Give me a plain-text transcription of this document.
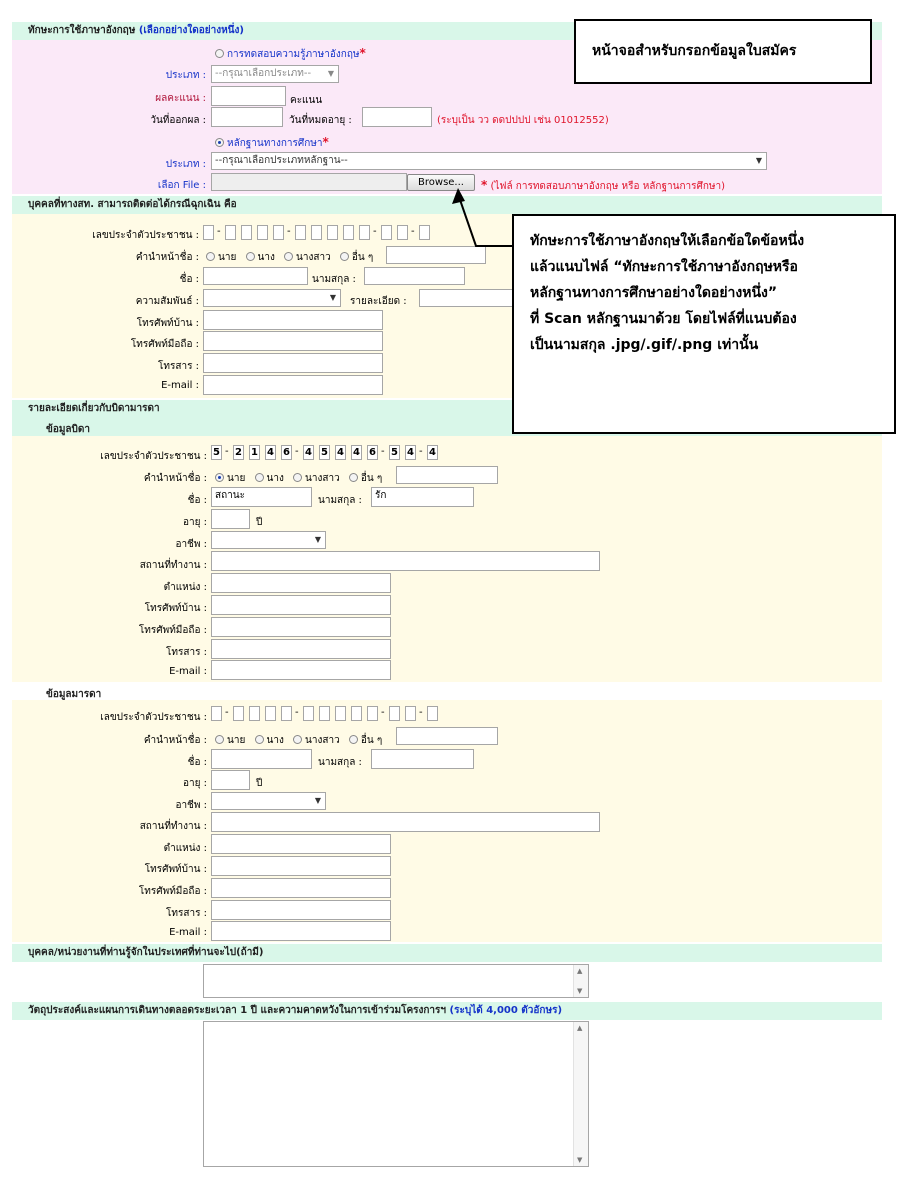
ทักษะการใช้ภาษาอังกฤษ (เลือกอย่างใดอย่างหนึ่ง)
การทดสอบความรู้ภาษาอังกฤษ*
ประเภท : --กรุณาเลือกประเภท-- ▼
ผลคะแนน :	คะแนน
วันที่ออกผล :	วันที่หมดอายุ :	(ระบุเป็น วว ดดปปปป เช่น 01012552)
หลักฐานทางการศึกษา*
ประเภท : --กรุณาเลือกประเภทหลักฐาน--	▼
เลือก File :	Browse...	* (ไฟล์ การทดสอบภาษาอังกฤษ หรือ หลักฐานการศึกษา)
บุคคลที่ทางสท. สามารถติดต่อได้กรณีฉุกเฉิน คือ
เลขประจำตัวประชาชน : -	-	-	-
คำนำหน้าชื่อ :	นาย นาง นางสาว อื่น ๆ
ชื่อ :	นามสกุล :
ความสัมพันธ์ :	▼ รายละเอียด :
โทรศัพท์บ้าน :
โทรศัพท์มือถือ :
โทรสาร :
E-mail :
รายละเอียดเกี่ยวกับบิดามารดา
ข้อมูลบิดา
เลขประจำตัวประชาชน : 5 - 2 1 4 6 - 4 5 4 4 6 - 5 4 - 4
คำนำหน้าชื่อ :	นาย นาง นางสาว อื่น ๆ
ชื่อ : สถานะ	นามสกุล :	รัก
อายุ :	ปี
อาชีพ :	▼
สถานที่ทำงาน :
ตำแหน่ง :
โทรศัพท์บ้าน :
โทรศัพท์มือถือ :
โทรสาร :
E-mail :
ข้อมูลมารดา
เลขประจำตัวประชาชน : -	-	-	-
คำนำหน้าชื่อ :	นาย นาง นางสาว อื่น ๆ
ชื่อ :	นามสกุล :
อายุ :	ปี
อาชีพ :	▼
สถานที่ทำงาน :
ตำแหน่ง :
โทรศัพท์บ้าน :
โทรศัพท์มือถือ :
โทรสาร :
E-mail :
บุคคล/หน่วยงานที่ท่านรู้จักในประเทศที่ท่านจะไป(ถ้ามี)
▲
▼
วัตถุประสงค์และแผนการเดินทางตลอดระยะเวลา 1 ปี และความคาดหวังในการเข้าร่วมโครงการฯ (ระบุได้ 4,000 ตัวอักษร)
▲
▼
หน้าจอสำหรับกรอกข้อมูลใบสมัคร
ทักษะการใช้ภาษาอังกฤษให้เลือกข้อใดข้อหนึ่ง
แล้วแนบไฟล์ “ทักษะการใช้ภาษาอังกฤษหรือ
หลักฐานทางการศึกษาอย่างใดอย่างหนึ่ง”
ที่ Scan หลักฐานมาด้วย โดยไฟล์ที่แนบต้อง
เป็นนามสกุล .jpg/.gif/.png เท่านั้น
